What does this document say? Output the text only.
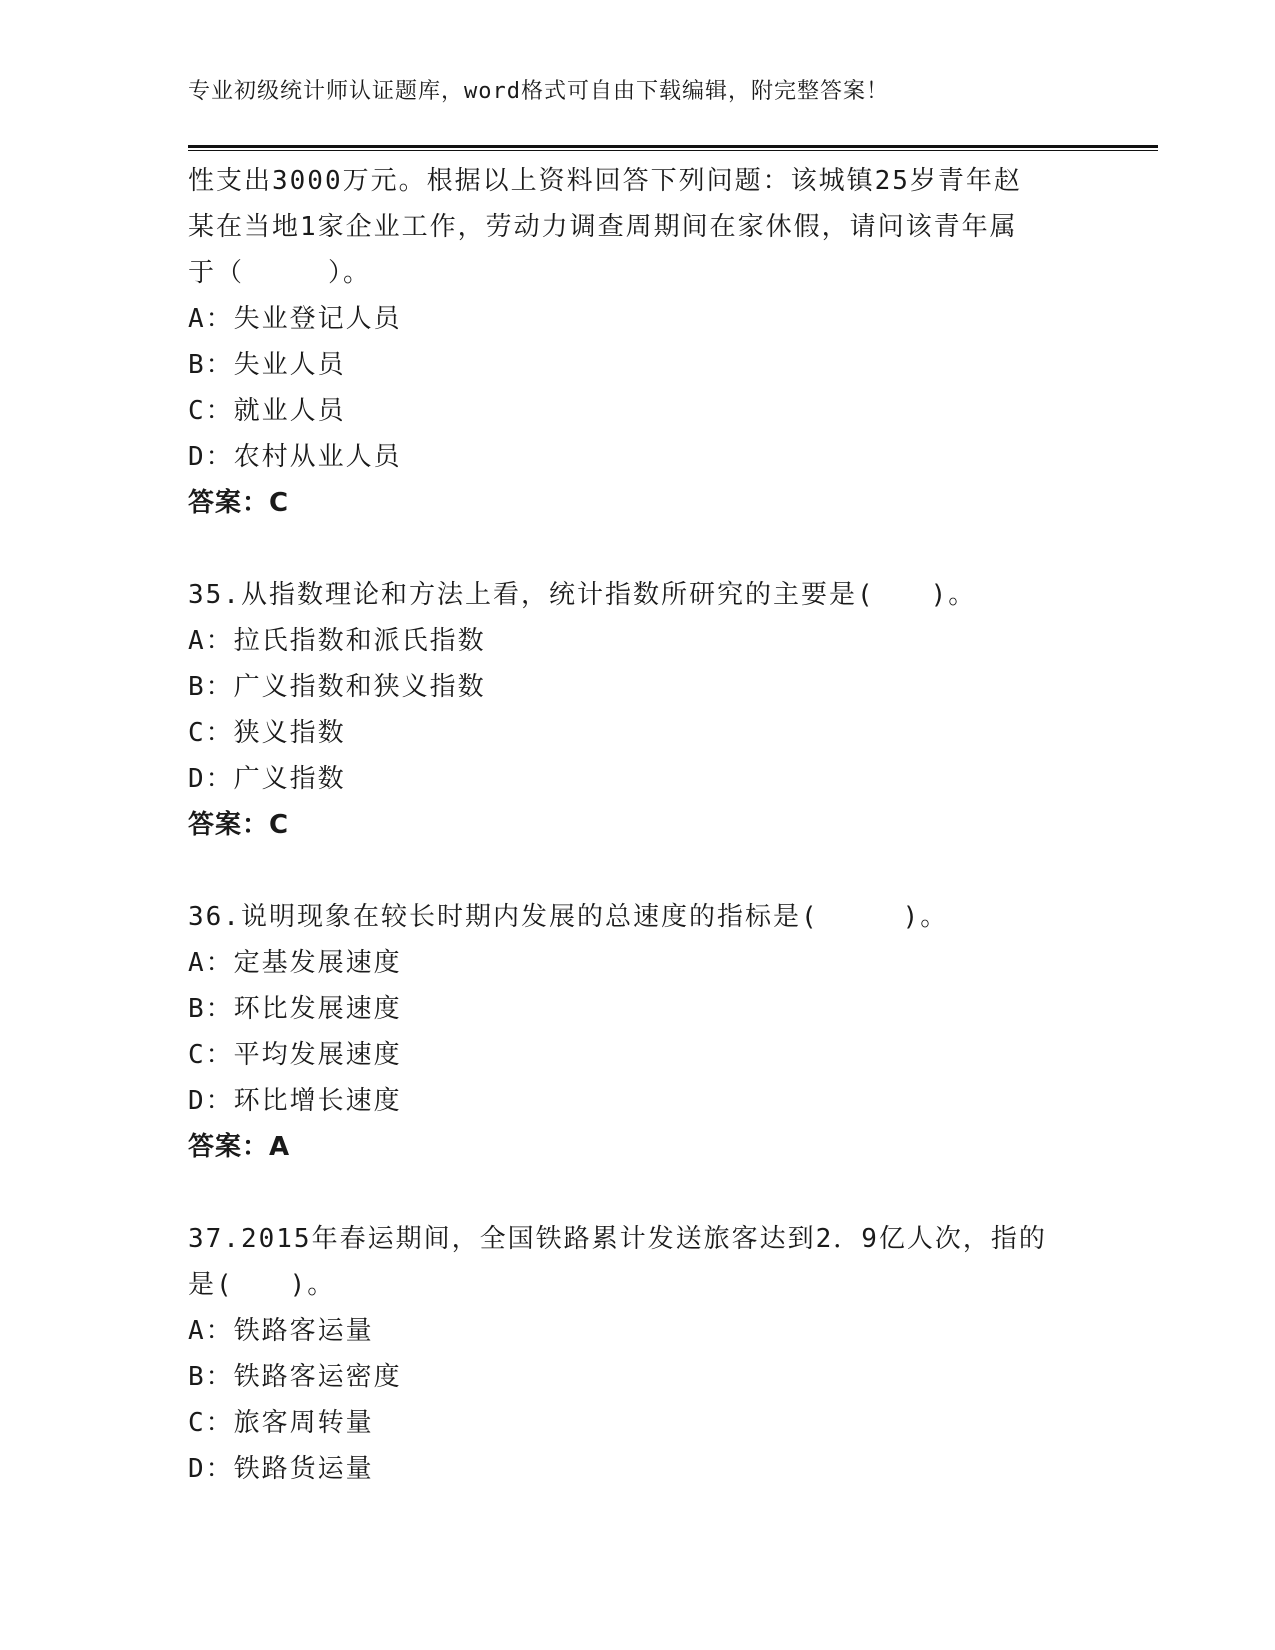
专业初级统计师认证题库，word格式可自由下载编辑，附完整答案！
性支出3000万元。根据以上资料回答下列问题：该城镇25岁青年赵
某在当地1家企业工作，劳动力调查周期间在家休假，请问该青年属
于（　　　）。
A：失业登记人员
B：失业人员
C：就业人员
D：农村从业人员
答案：C
35.从指数理论和方法上看，统计指数所研究的主要是(　　)。
A：拉氏指数和派氏指数
B：广义指数和狭义指数
C：狭义指数
D：广义指数
答案：C
36.说明现象在较长时期内发展的总速度的指标是(　　　)。
A：定基发展速度
B：环比发展速度
C：平均发展速度
D：环比增长速度
答案：A
37.2015年春运期间，全国铁路累计发送旅客达到2．9亿人次，指的
是(　　)。
A：铁路客运量
B：铁路客运密度
C：旅客周转量
D：铁路货运量
